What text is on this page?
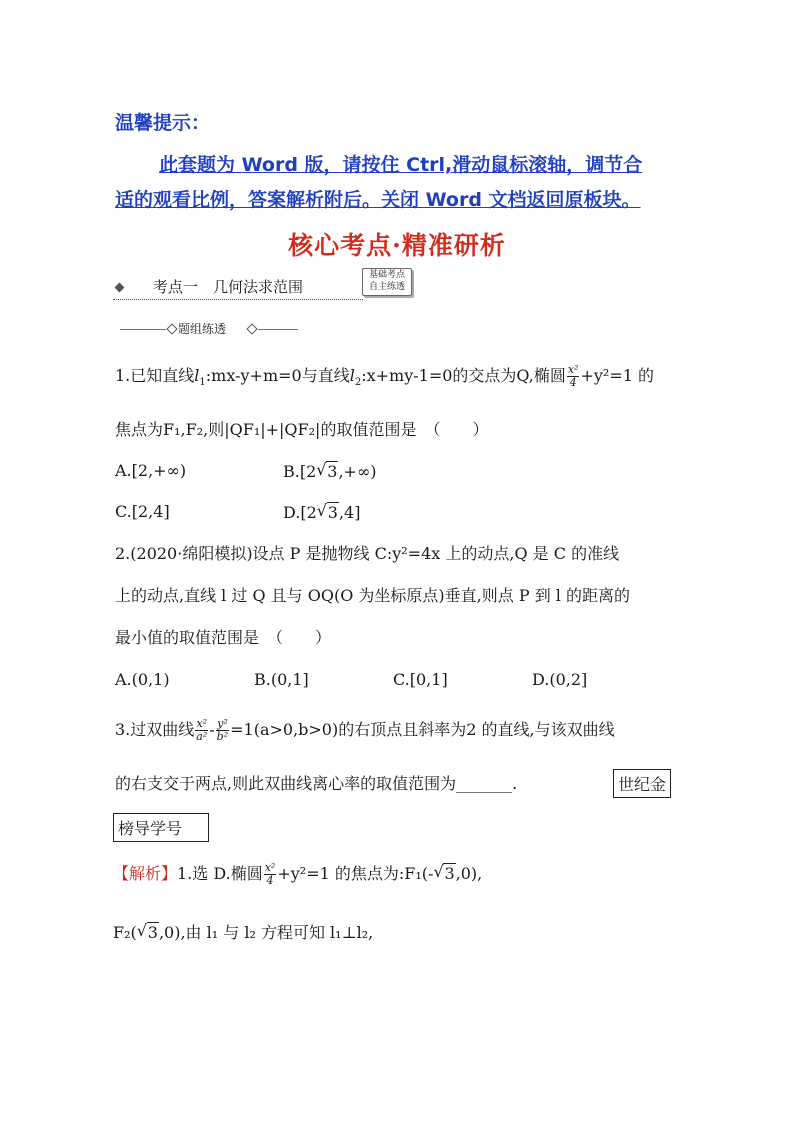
温馨提示：
此套题为 Word 版，请按住 Ctrl,滑动鼠标滚轴，调节合
适的观看比例，答案解析附后。关闭 Word 文档返回原板块。
核心考点·精准研析
考点一　几何法求范围
基础考点
自主练透
题组练透
1.已知直线$l_1:mx-y+m=0$与直线$l_2:x+my-1=0$的交点为Q,椭圆 $\frac{\text{x²}}{4} +y^2=1$ 的
焦点为F₁,F₂,则|QF₁|+|QF₂|的取值范围是　（　　）
A.[2,+∞)	B.[2 √ 3,+∞)
C.[2,4]	D.[2 √ 3,4]
2.(2020·绵阳模拟)设点 P 是抛物线 C:y²=4x 上的动点,Q 是 C 的准线
上的动点,直线 l 过 Q 且与 OQ(O 为坐标原点)垂直,则点 P 到 l 的距离的
最小值的取值范围是　（　　）
A.(0,1)	B.(0,1]	C.[0,1]	D.(0,2]
3.过双曲线 $\frac{\text{x²}}{\text{a²}} - \frac{\text{y²}}{\text{b²}} =1(a>0,b>0)$的右顶点且斜率为2 的直线,与该双曲线
的右支交于两点,则此双曲线离心率的取值范围为_______.	世纪金
榜导学号
【解析】1.选 D.椭圆 $\frac{\text{x²}}{4} +y^2=1$ 的焦点为:F₁(- √ 3,0),
F₂( √ 3,0),由 l₁ 与 l₂ 方程可知 l₁⊥l₂,
